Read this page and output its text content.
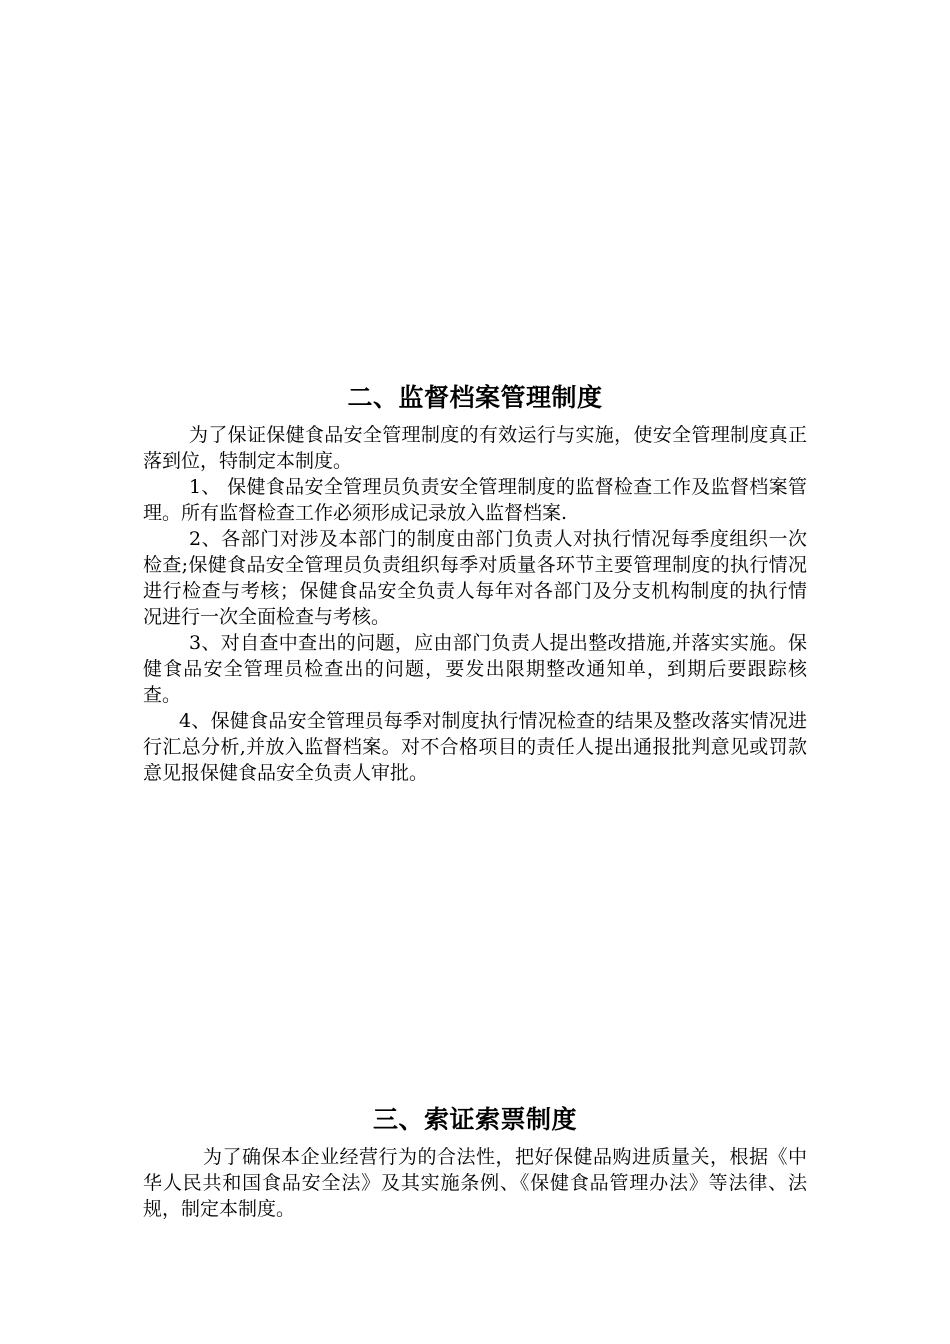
二、监督档案管理制度

为了保证保健食品安全管理制度的有效运行与实施，使安全管理制度真正落到位，特制定本制度。

1、 保健食品安全管理员负责安全管理制度的监督检查工作及监督档案管理。所有监督检查工作必须形成记录放入监督档案.

2、各部门对涉及本部门的制度由部门负责人对执行情况每季度组织一次检查;保健食品安全管理员负责组织每季对质量各环节主要管理制度的执行情况进行检查与考核；保健食品安全负责人每年对各部门及分支机构制度的执行情况进行一次全面检查与考核。

3、对自查中查出的问题，应由部门负责人提出整改措施,并落实实施。保健食品安全管理员检查出的问题，要发出限期整改通知单，到期后要跟踪核查。

4、保健食品安全管理员每季对制度执行情况检查的结果及整改落实情况进行汇总分析,并放入监督档案。对不合格项目的责任人提出通报批判意见或罚款意见报保健食品安全负责人审批。

三、索证索票制度

为了确保本企业经营行为的合法性，把好保健品购进质量关，根据《中华人民共和国食品安全法》及其实施条例、《保健食品管理办法》等法律、法规，制定本制度。
